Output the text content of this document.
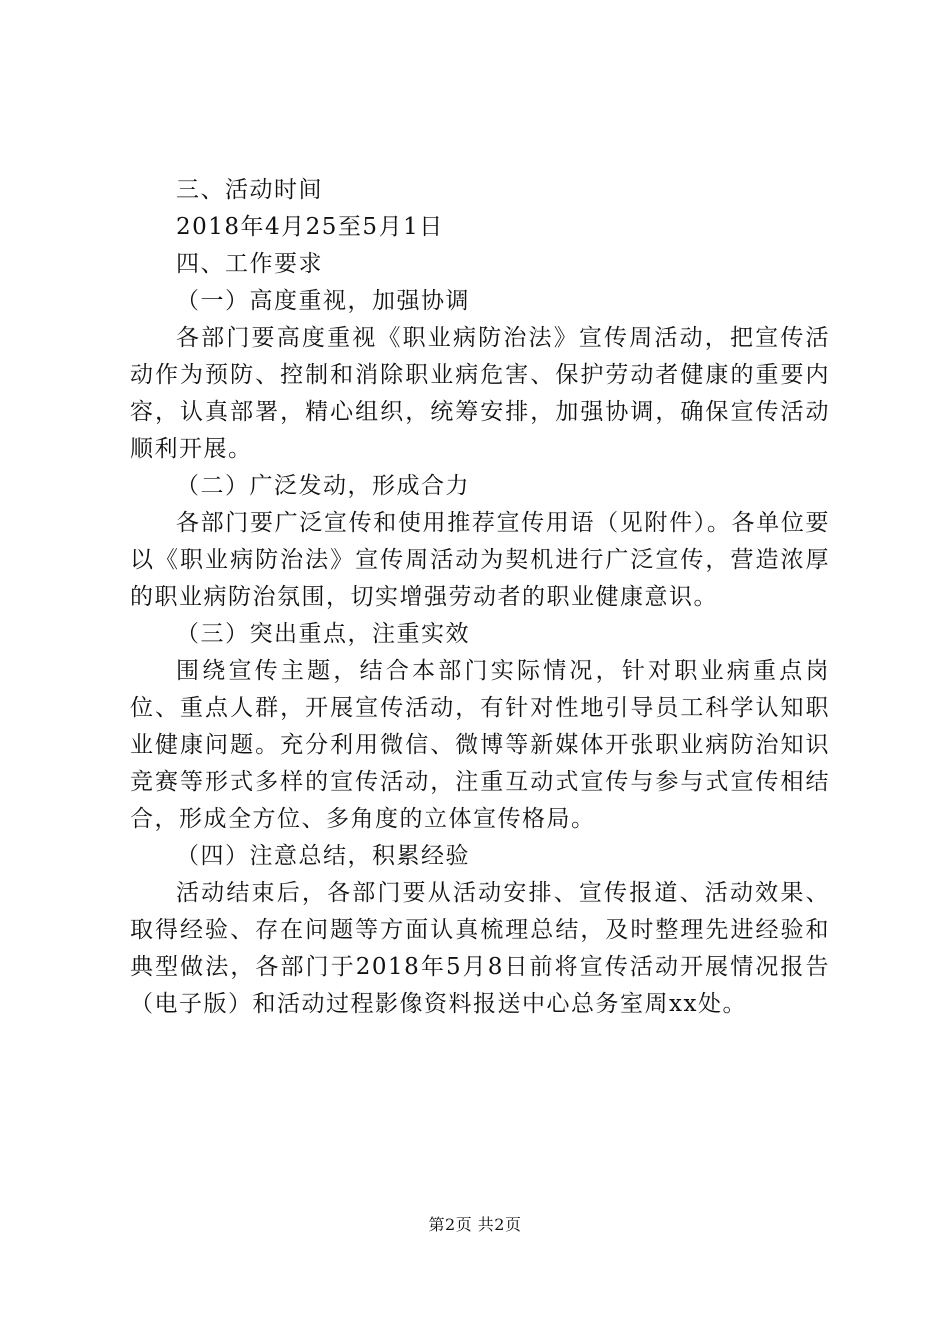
三、活动时间

2018年4月25至5月1日

四、工作要求

（一）高度重视，加强协调

各部门要高度重视《职业病防治法》宣传周活动，把宣传活动作为预防、控制和消除职业病危害、保护劳动者健康的重要内容，认真部署，精心组织，统筹安排，加强协调，确保宣传活动顺利开展。

（二）广泛发动，形成合力

各部门要广泛宣传和使用推荐宣传用语（见附件）。各单位要以《职业病防治法》宣传周活动为契机进行广泛宣传，营造浓厚的职业病防治氛围，切实增强劳动者的职业健康意识。

（三）突出重点，注重实效

围绕宣传主题，结合本部门实际情况，针对职业病重点岗位、重点人群，开展宣传活动，有针对性地引导员工科学认知职业健康问题。充分利用微信、微博等新媒体开张职业病防治知识竞赛等形式多样的宣传活动，注重互动式宣传与参与式宣传相结合，形成全方位、多角度的立体宣传格局。

（四）注意总结，积累经验

活动结束后，各部门要从活动安排、宣传报道、活动效果、取得经验、存在问题等方面认真梳理总结，及时整理先进经验和典型做法，各部门于2018年5月8日前将宣传活动开展情况报告（电子版）和活动过程影像资料报送中心总务室周xx处。

第2页 共2页
